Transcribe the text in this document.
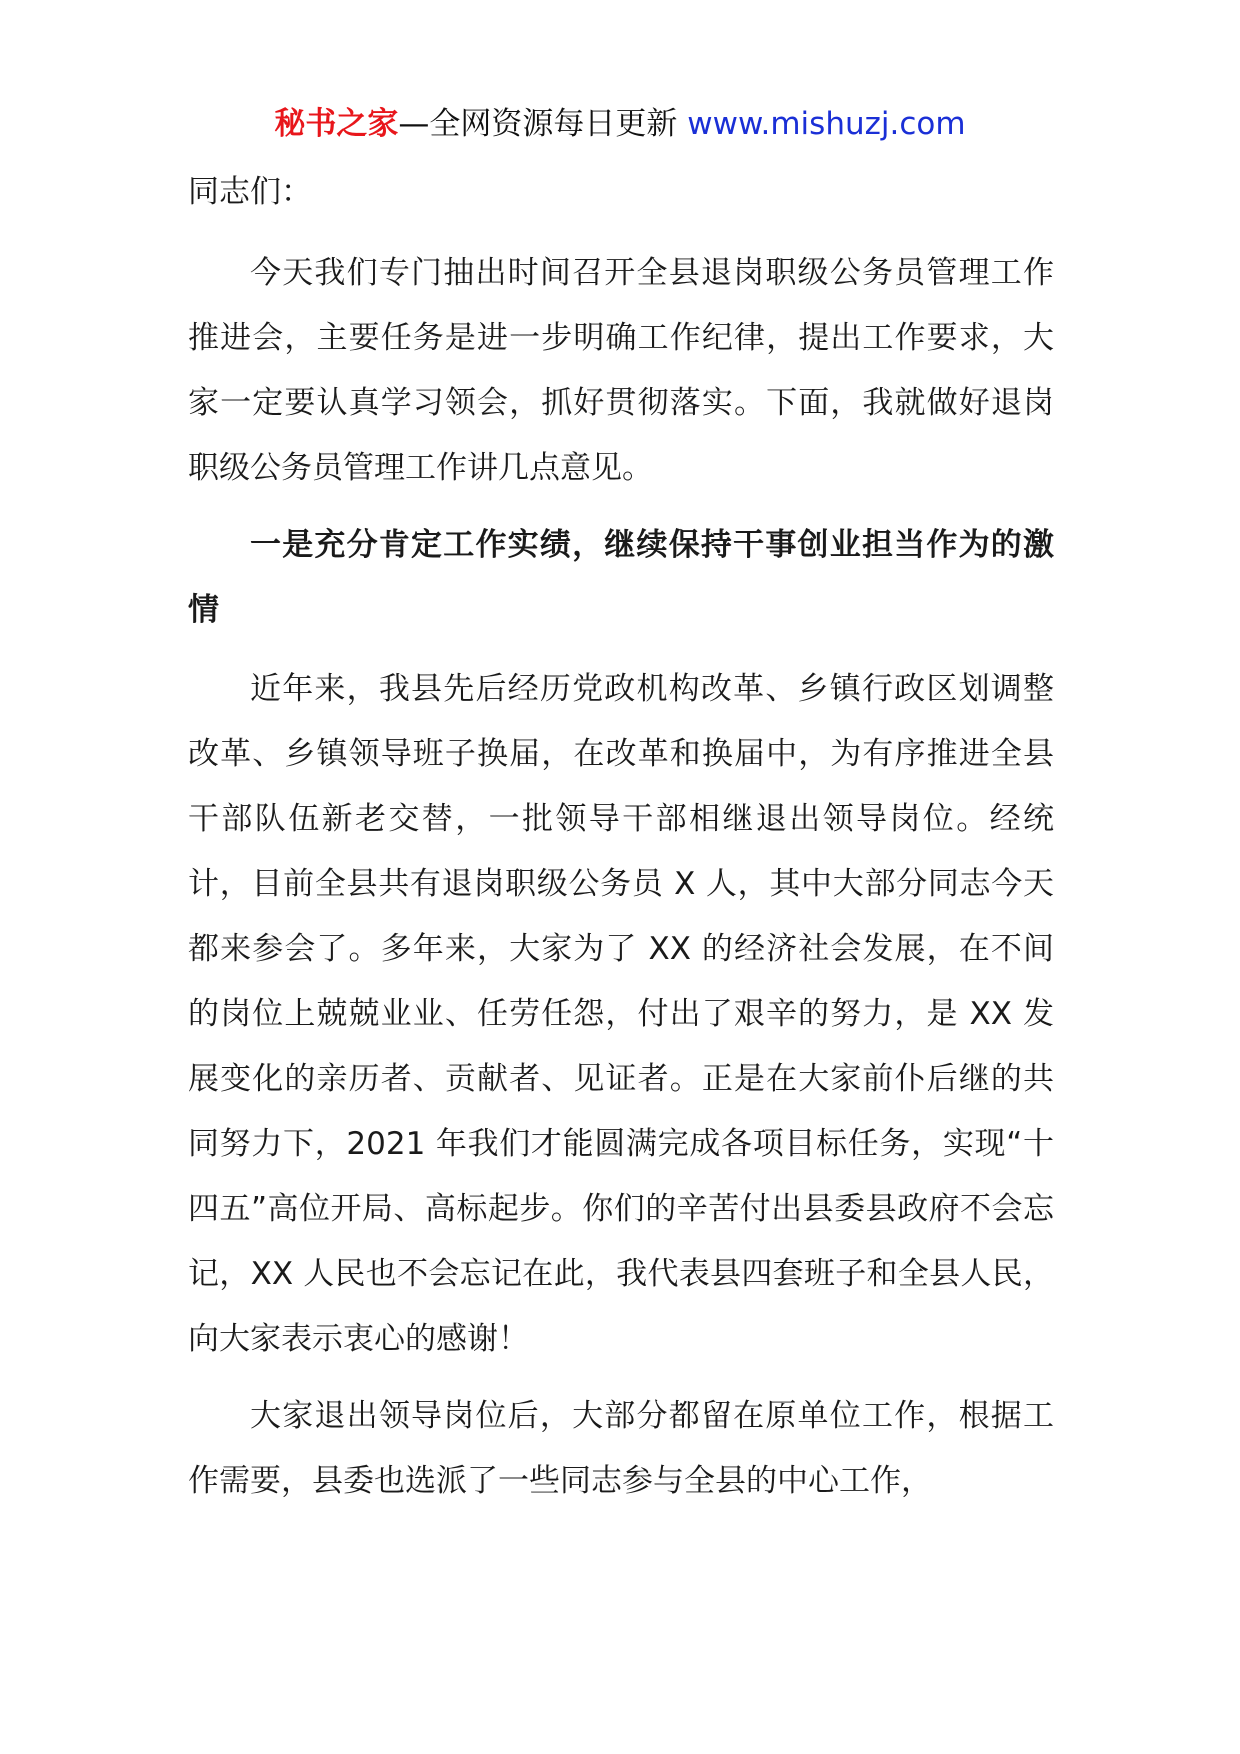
秘书之家—全网资源每日更新 www.mishuzj.com

同志们：

今天我们专门抽出时间召开全县退岗职级公务员管理工作推进会，主要任务是进一步明确工作纪律，提出工作要求，大家一定要认真学习领会，抓好贯彻落实。下面，我就做好退岗职级公务员管理工作讲几点意见。

一是充分肯定工作实绩，继续保持干事创业担当作为的激情

近年来，我县先后经历党政机构改革、乡镇行政区划调整改革、乡镇领导班子换届，在改革和换届中，为有序推进全县干部队伍新老交替，一批领导干部相继退出领导岗位。经统计，目前全县共有退岗职级公务员 X 人，其中大部分同志今天都来参会了。多年来，大家为了 XX 的经济社会发展，在不间的岗位上兢兢业业、任劳任怨，付出了艰辛的努力，是 XX 发展变化的亲历者、贡献者、见证者。正是在大家前仆后继的共同努力下，2021 年我们才能圆满完成各项目标任务，实现“十四五”高位开局、高标起步。你们的辛苦付出县委县政府不会忘记，XX 人民也不会忘记在此，我代表县四套班子和全县人民，向大家表示衷心的感谢！

大家退出领导岗位后，大部分都留在原单位工作，根据工作需要，县委也选派了一些同志参与全县的中心工作，
